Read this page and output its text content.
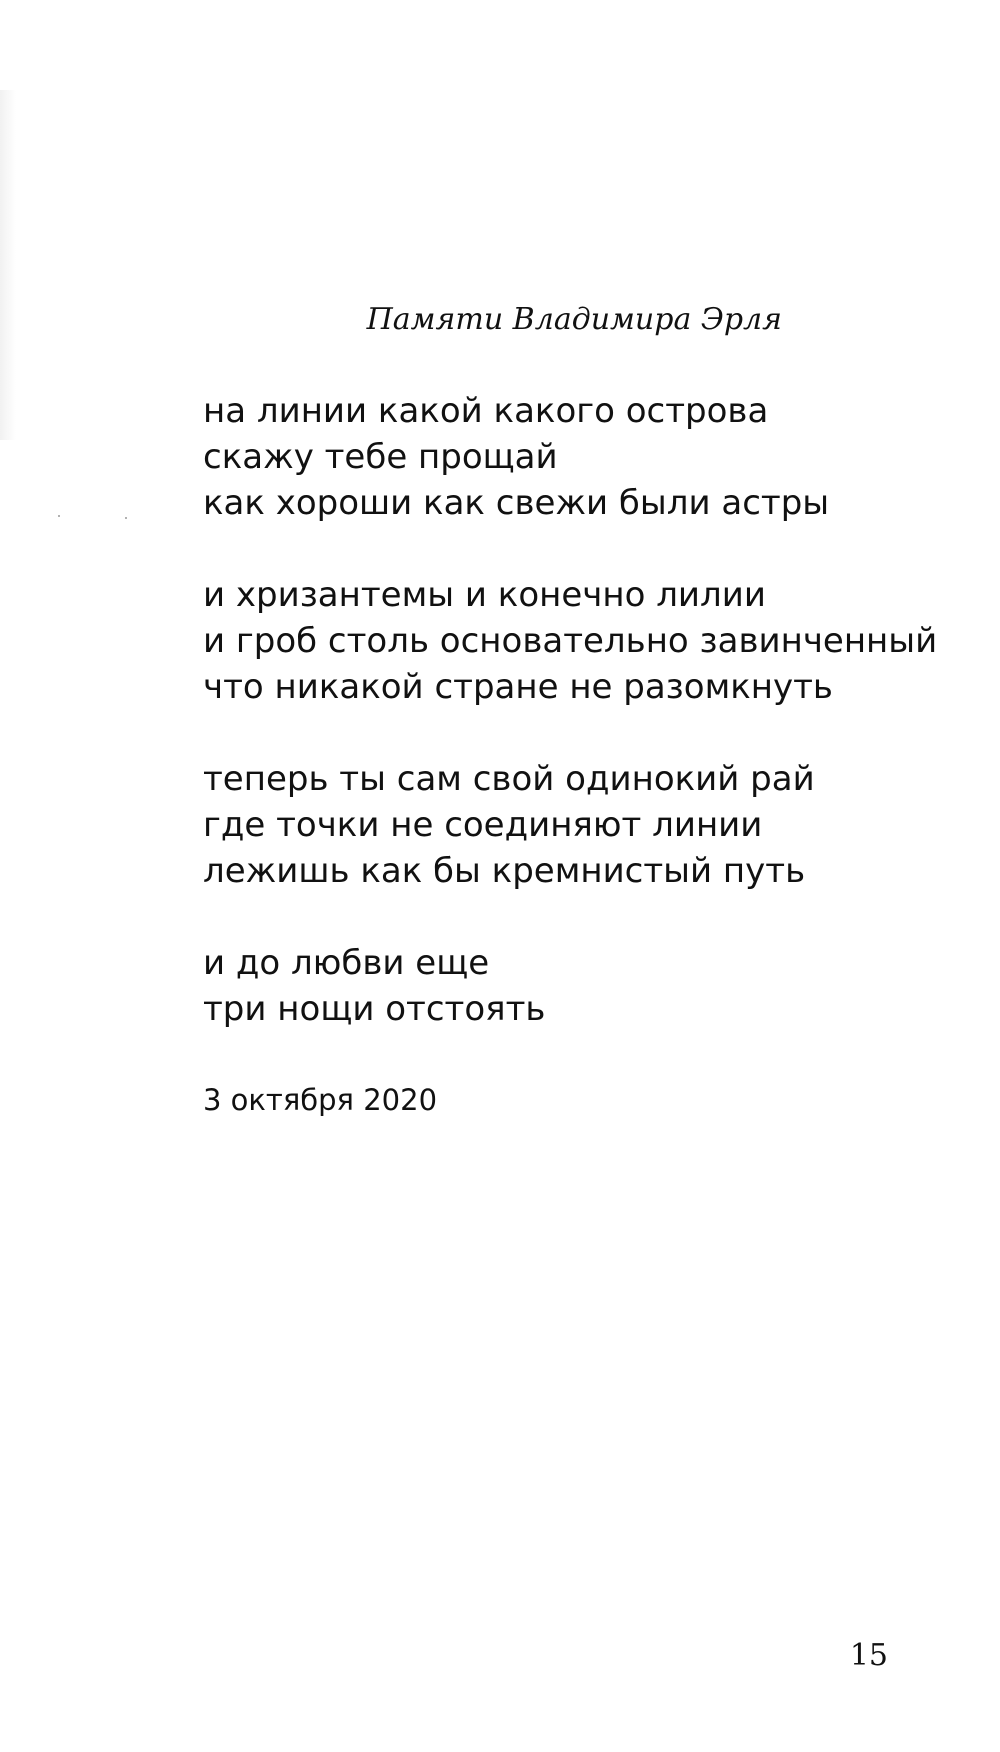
Памяти Владимира Эрля
на линии какой какого острова
скажу тебе прощай
как хороши как свежи были астры
и хризантемы и конечно лилии
и гроб столь основательно завинченный
что никакой стране не разомкнуть
теперь ты сам свой одинокий рай
где точки не соединяют линии
лежишь как бы кремнистый путь
и до любви еще
три нощи отстоять
3 октября 2020
15
